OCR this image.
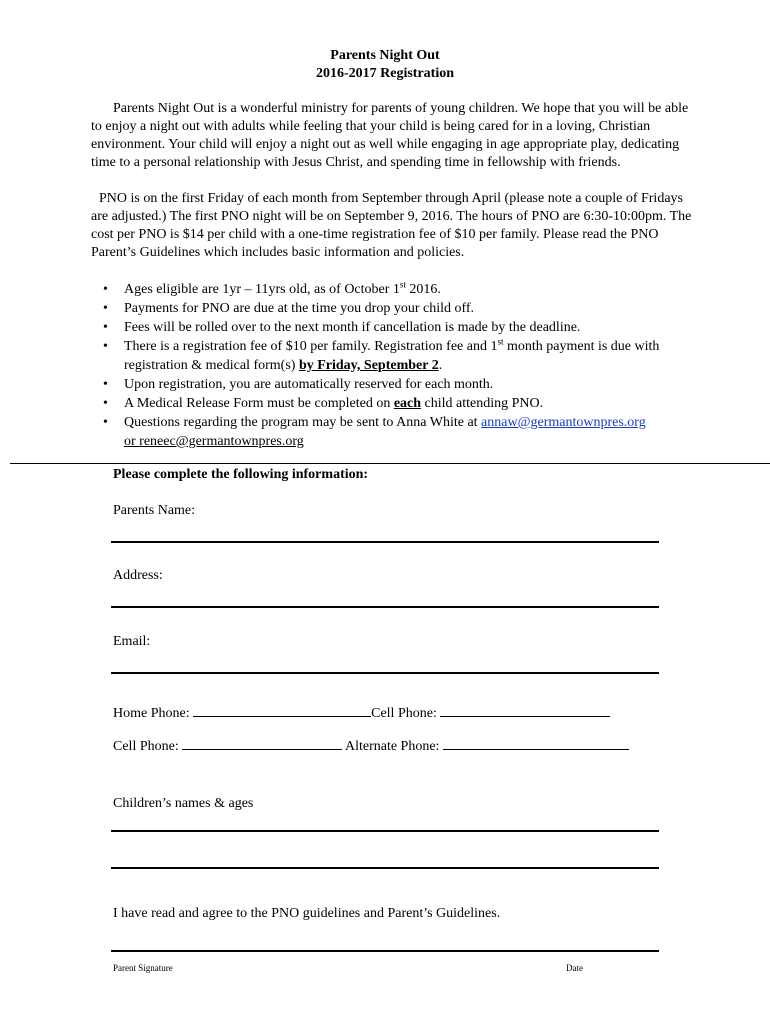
Parents Night Out
2016-2017 Registration
Parents Night Out is a wonderful ministry for parents of young children. We hope that you will be able to enjoy a night out with adults while feeling that your child is being cared for in a loving, Christian environment. Your child will enjoy a night out as well while engaging in age appropriate play, dedicating time to a personal relationship with Jesus Christ, and spending time in fellowship with friends.
PNO is on the first Friday of each month from September through April (please note a couple of Fridays are adjusted.) The first PNO night will be on September 9, 2016. The hours of PNO are 6:30-10:00pm. The cost per PNO is $14 per child with a one-time registration fee of $10 per family. Please read the PNO Parent’s Guidelines which includes basic information and policies.
• Ages eligible are 1yr – 11yrs old, as of October 1st 2016.
• Payments for PNO are due at the time you drop your child off.
• Fees will be rolled over to the next month if cancellation is made by the deadline.
• There is a registration fee of $10 per family. Registration fee and 1st month payment is due with registration & medical form(s) by Friday, September 2.
• Upon registration, you are automatically reserved for each month.
• A Medical Release Form must be completed on each child attending PNO.
• Questions regarding the program may be sent to Anna White at annaw@germantownpres.org
or reneec@germantownpres.org
Please complete the following information:
Parents Name:
Address:
Email:
Home Phone:	Cell Phone:
Cell Phone:	Alternate Phone:
Children’s names & ages
I have read and agree to the PNO guidelines and Parent’s Guidelines.
Parent Signature	Date
